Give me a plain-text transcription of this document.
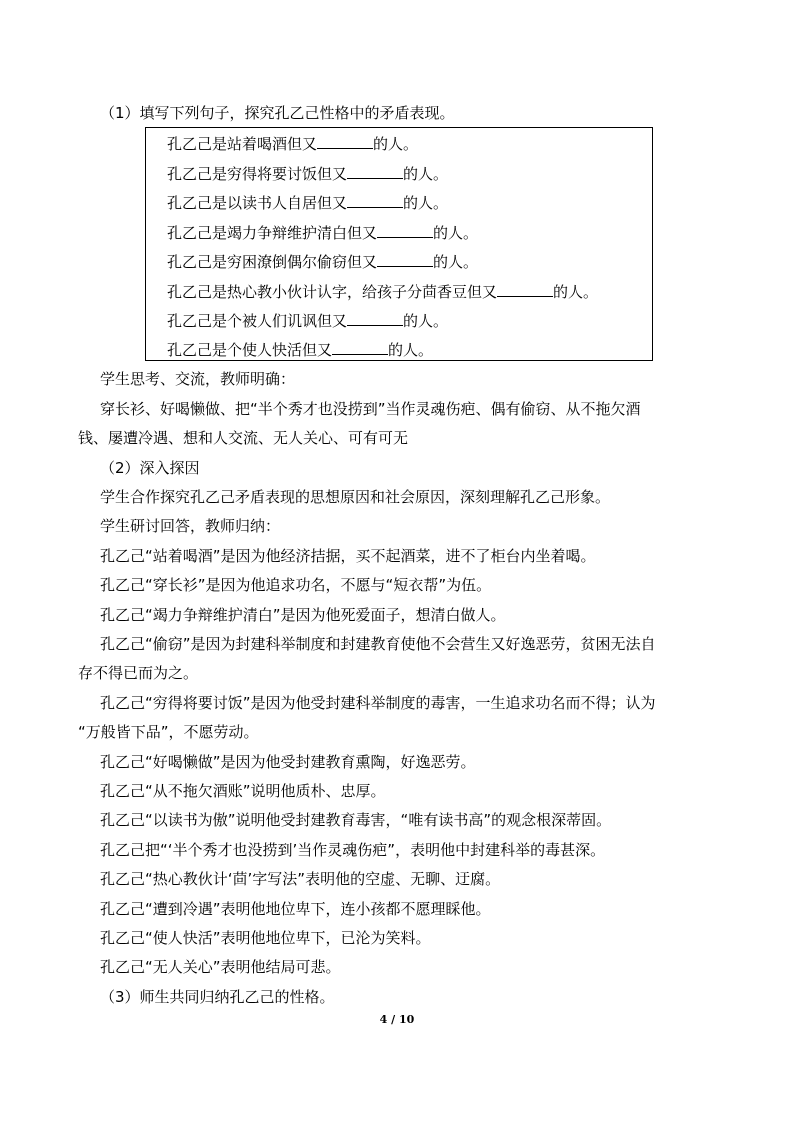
（1）填写下列句子，探究孔乙己性格中的矛盾表现。
孔乙己是站着喝酒但又	的人。
孔乙己是穷得将要讨饭但又	的人。
孔乙己是以读书人自居但又	的人。
孔乙己是竭力争辩维护清白但又	的人。
孔乙己是穷困潦倒偶尔偷窃但又	的人。
孔乙己是热心教小伙计认字，给孩子分茴香豆但又	的人。
孔乙己是个被人们讥讽但又	的人。
孔乙己是个使人快活但又	的人。
学生思考、交流，教师明确：
穿长衫、好喝懒做、把“半个秀才也没捞到”当作灵魂伤疤、偶有偷窃、从不拖欠酒
钱、屡遭冷遇、想和人交流、无人关心、可有可无
（2）深入探因
学生合作探究孔乙己矛盾表现的思想原因和社会原因，深刻理解孔乙己形象。
学生研讨回答，教师归纳：
孔乙己“站着喝酒”是因为他经济拮据，买不起酒菜，进不了柜台内坐着喝。
孔乙己“穿长衫”是因为他追求功名，不愿与“短衣帮”为伍。
孔乙己“竭力争辩维护清白”是因为他死爱面子，想清白做人。
孔乙己“偷窃”是因为封建科举制度和封建教育使他不会营生又好逸恶劳，贫困无法自
存不得已而为之。
孔乙己“穷得将要讨饭”是因为他受封建科举制度的毒害，一生追求功名而不得；认为
“万般皆下品”，不愿劳动。
孔乙己“好喝懒做”是因为他受封建教育熏陶，好逸恶劳。
孔乙己“从不拖欠酒账”说明他质朴、忠厚。
孔乙己“以读书为傲”说明他受封建教育毒害，“唯有读书高”的观念根深蒂固。
孔乙己把“‘半个秀才也没捞到’当作灵魂伤疤”，表明他中封建科举的毒甚深。
孔乙己“热心教伙计‘茴’字写法”表明他的空虚、无聊、迂腐。
孔乙己“遭到冷遇”表明他地位卑下，连小孩都不愿理睬他。
孔乙己“使人快活”表明他地位卑下，已沦为笑料。
孔乙己“无人关心”表明他结局可悲。
（3）师生共同归纳孔乙己的性格。
4 / 10
